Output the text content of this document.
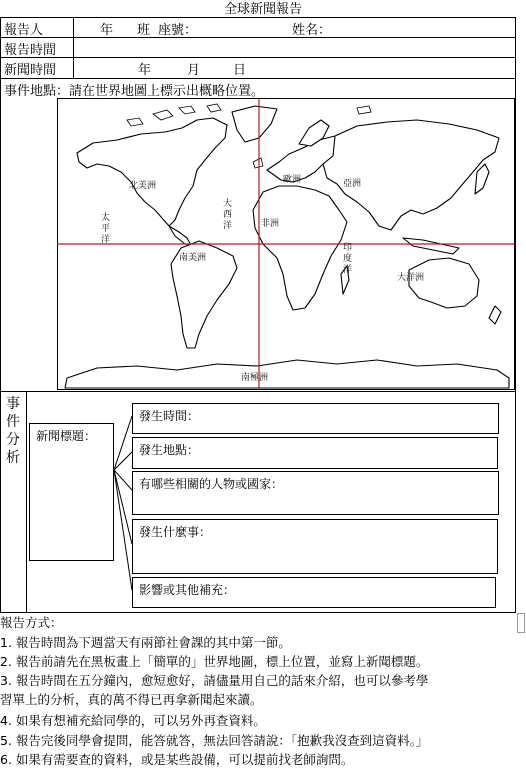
全球新聞報告
報告人	年 班 座號：	姓名：
報告時間
新聞時間	年	月	日
事件地點：請在世界地圖上標示出概略位置。
北美洲
南美洲
歐洲	亞洲
非洲
大洋洲
南極洲
太平洋
大西洋
印度洋
事
件
分
析
新聞標題：
發生時間：
發生地點：
有哪些相關的人物或國家：
發生什麼事：
影響或其他補充：
報告方式：
1. 報告時間為下週當天有兩節社會課的其中第一節。
2. 報告前請先在黑板畫上「簡單的」世界地圖，標上位置，並寫上新聞標題。
3. 報告時間在五分鐘內，愈短愈好，請儘量用自己的話來介紹，也可以參考學
習單上的分析，真的萬不得已再拿新聞起來讀。
4. 如果有想補充給同學的，可以另外再查資料。
5. 報告完後同學會提問，能答就答，無法回答請說：「抱歉我沒查到這資料。」
6. 如果有需要查的資料，或是某些設備，可以提前找老師詢問。
